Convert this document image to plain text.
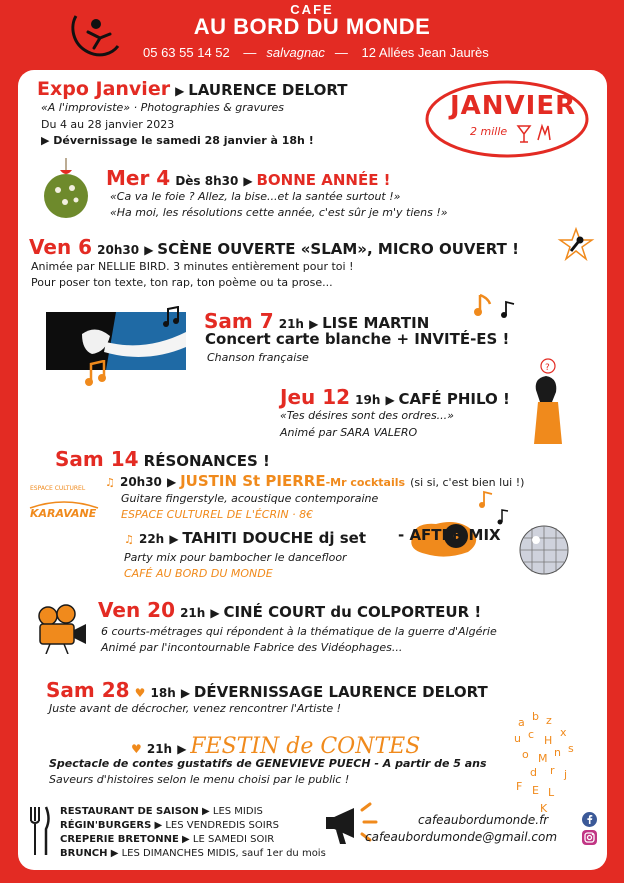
CAFE
AU BORD DU MONDE
05 63 55 14 52 — salvagnac — 12 Allées Jean Jaurès
Expo Janvier ▶ LAURENCE DELORT
«A l'improviste» · Photographies & gravures
Du 4 au 28 janvier 2023
▶ Dévernissage le samedi 28 janvier à 18h !
JANVIER
2 mille
Mer 4 Dès 8h30 ▶ BONNE ANNÉE !
«Ca va le foie ? Allez, la bise...et la santée surtout !»
«Ha moi, les résolutions cette année, c'est sûr je m'y tiens !»
Ven 6 20h30 ▶ SCÈNE OUVERTE «SLAM», MICRO OUVERT !
Animée par NELLIE BIRD. 3 minutes entièrement pour toi !
Pour poser ton texte, ton rap, ton poème ou ta prose...
Sam 7 21h ▶ LISE MARTIN
Concert carte blanche + INVITÉ-ES !
Chanson française
Jeu 12 19h ▶ CAFÉ PHILO !
«Tes désires sont des ordres...»
Animé par SARA VALERO
?
Sam 14 RÉSONANCES !
ESPACE CULTUREL
KARAVANE
♫ 20h30 ▶ JUSTIN St PIERRE-Mr cocktails (si si, c'est bien lui !)
Guitare fingerstyle, acoustique contemporaine
ESPACE CULTUREL DE L'ÉCRIN · 8€
♫ 22h ▶ TAHITI DOUCHE dj set - AFTER MIX
Party mix pour bambocher le dancefloor
CAFÉ AU BORD DU MONDE
Ven 20 21h ▶ CINÉ COURT du COLPORTEUR !
6 courts-métrages qui répondent à la thématique de la guerre d'Algérie
Animé par l'incontournable Fabrice des Vidéophages...
Sam 28 ♥ 18h ▶ DÉVERNISSAGE LAURENCE DELORT
Juste avant de décrocher, venez rencontrer l'Artiste !
♥ 21h ▶ FESTIN de CONTES
Spectacle de contes gustatifs de GENEVIEVE PUECH - A partir de 5 ans
Saveurs d'histoires selon le menu choisi par le public !
a b z
u c H
x
o M n s
d r j
F E L
K
RESTAURANT DE SAISON ▶ LES MIDIS
RÉGIN'BURGERS ▶ LES VENDREDIS SOIRS
CREPERIE BRETONNE ▶ LE SAMEDI SOIR
BRUNCH ▶ LES DIMANCHES MIDIS, sauf 1er du mois
cafeaubordumonde.fr
cafeaubordumonde@gmail.com
